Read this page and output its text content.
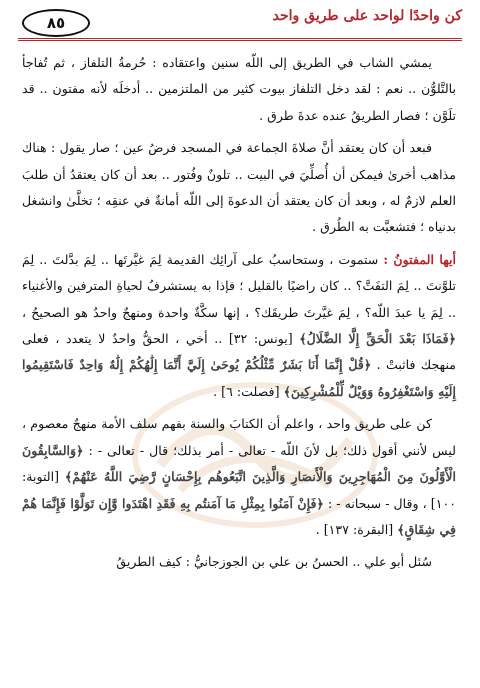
٨٥	كن واحدًا لواحد على طريق واحد

يمشي الشاب في الطريق إلى اللّه سنين واعتقاده : حُرمةُ التلفاز ، ثم تُفاجأ بالتَّلوُّن .. نعم : لقد دخل التلفاز بيوت كثير من الملتزمين .. أدخلَه لأنه مفتون .. قد تلَوَّن ؛ فصار الطريقُ عنده عدةَ طرق .

فبعد أن كان يعتقد أنَّ صلاةَ الجماعة في المسجد فرضُ عين ؛ صار يقول : هناك مذاهب أخرىٰ فيمكن أن أُصلِّيَ في البيت .. تلونٌ وفُتور .. بعد أن كان يعتقدُ أن طلبَ العلم لازمٌ له ، وبعد أن كان يعتقد أن الدعوةَ إلى اللّه أمانةٌ في عنقِه ؛ تخلَّىٰ وانشغل بدنياه ؛ فتشعبَّت به الطُرق .

أيها المفتونُ : ستموت ، وستحاسبُ على آرائِك القديمة لِمَ غيَّرتَها .. لِمَ بدَّلتَ .. لِمَ تلوَّنتَ .. لِمَ التفَتَّ؟ .. كان راضيًا بالقليل ؛ فإذا به يستشرفُ لحياةِ المترفين والأغنياء .. لِمَ يا عبدَ اللّه؟ ، لِمَ غيَّرتَ طريقَك؟ ، إنها سكَّةٌ واحدة ومنهجٌ واحدٌ هو الصحيحُ ، ﴿فَمَاذَا بَعْدَ الْحَقِّ إِلَّا الضَّلَالُ﴾ [يونس: ٣٢] .. أخي ، الحقُّ واحدٌ لا يتعدد ، فعلى منهجك فاثبتْ . ﴿قُلْ إِنَّمَا أَنَا بَشَرٌ مِّثْلُكُمْ يُوحَىٰ إِلَيَّ أَنَّمَا إِلَٰهُكُمْ إِلَٰهٌ وَاحِدٌ فَاسْتَقِيمُوا إِلَيْهِ وَاسْتَغْفِرُوهُ وَوَيْلٌ لِّلْمُشْرِكِينَ﴾ [فصلت: ٦] .

كن على طريق واحد ، واعلم أن الكتابَ والسنة بفهم سلف الأمة منهجٌ معصوم ، ليس لأنني أقول ذلك؛ بل لأنَ اللّه - تعالى - أمر بذلك؛ قال - تعالى - : ﴿وَالسَّابِقُونَ الْأَوَّلُونَ مِنَ الْمُهَاجِرِينَ وَالْأَنصَارِ وَالَّذِينَ اتَّبَعُوهُم بِإِحْسَانٍ رَّضِيَ اللَّهُ عَنْهُمْ﴾ [التوبة: ١٠٠] ، وقال - سبحانه - : ﴿فَإِنْ آمَنُوا بِمِثْلِ مَا آمَنتُم بِهِ فَقَدِ اهْتَدَوا وَّإِن تَوَلَّوْا فَإِنَّمَا هُمْ فِي شِقَاقٍ﴾ [البقرة: ١٣٧] .

سُئل أبو علي .. الحسنُ بن علي بن الجوزجانيُّ : كيف الطريقُ
